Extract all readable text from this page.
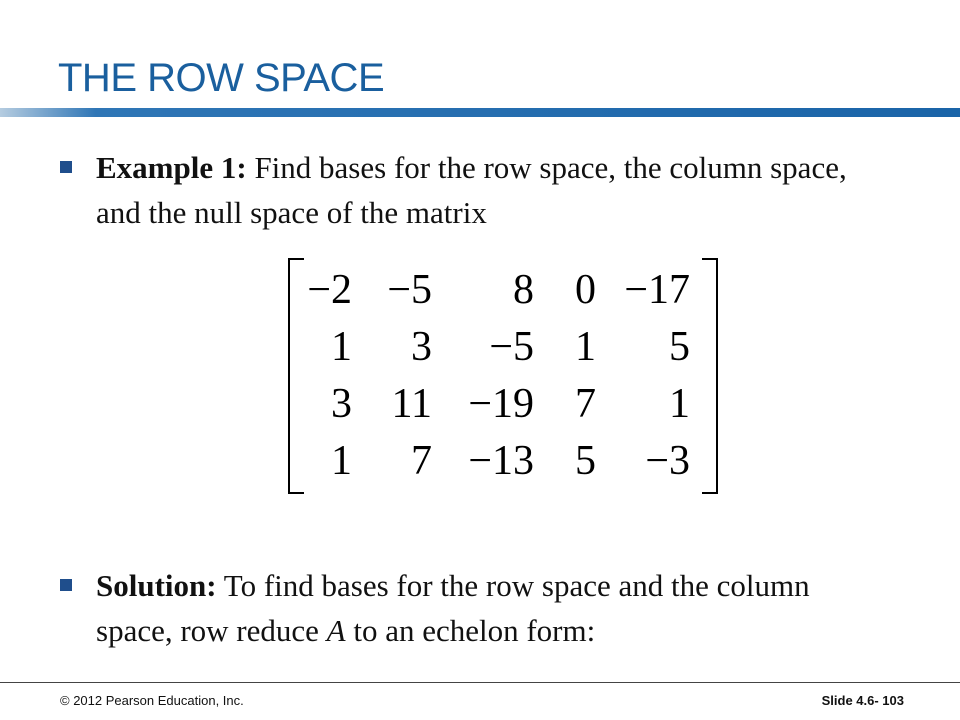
THE ROW SPACE
Example 1: Find bases for the row space, the column space, and the null space of the matrix
−2 −5	8 0 −17
1	3	−5 1	5
3 11 −19 7	1
1	7 −13 5	−3
Solution: To find bases for the row space and the column space, row reduce A to an echelon form:
© 2012 Pearson Education, Inc.	Slide 4.6- 103
